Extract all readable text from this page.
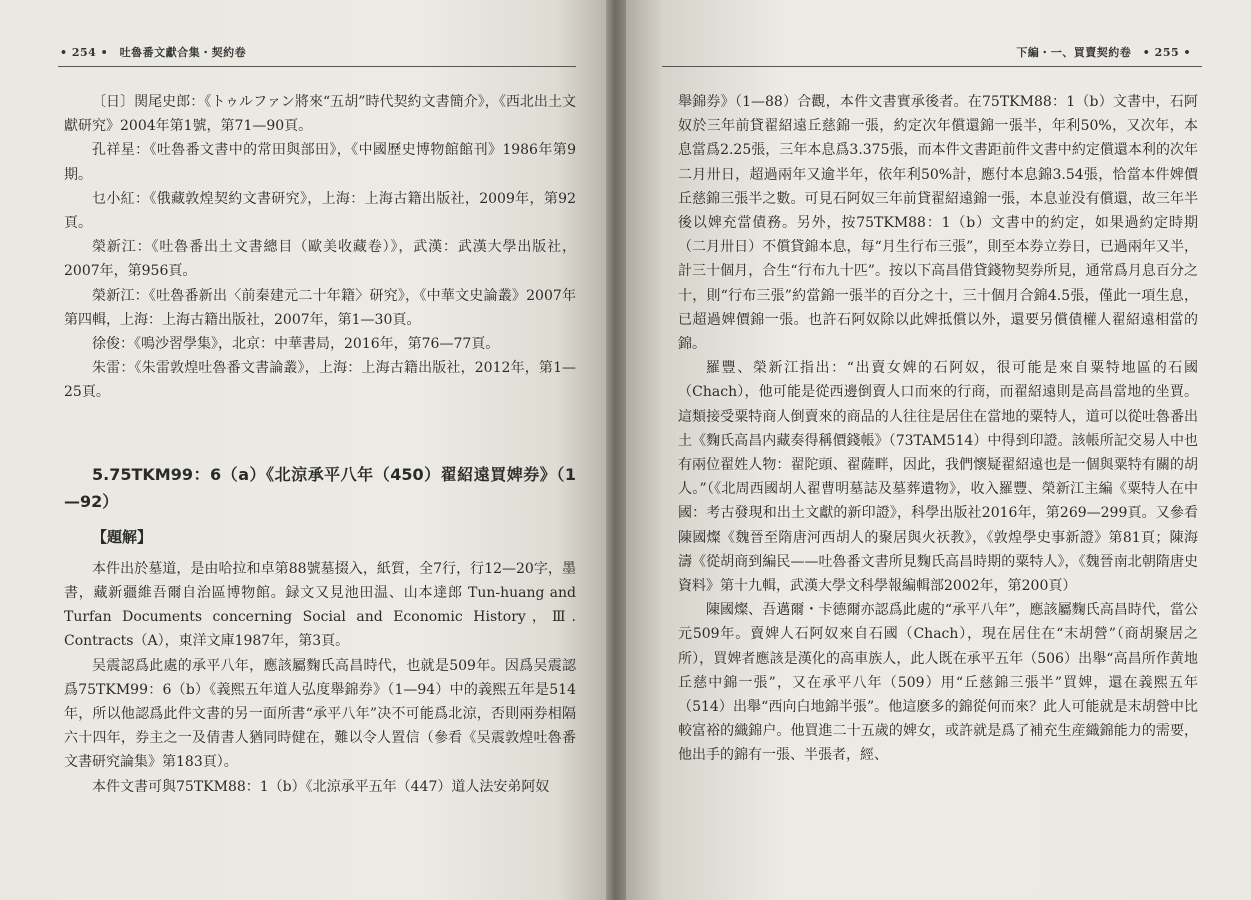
• 254 •　吐魯番文獻合集・契約卷

〔日〕関尾史郎：《トゥルファン將來“五胡”時代契約文書簡介》，《西北出土文獻研究》2004年第1號，第71—90頁。

孔祥星：《吐魯番文書中的常田與部田》，《中國歷史博物館館刊》1986年第9期。

乜小紅：《俄藏敦煌契約文書研究》，上海：上海古籍出版社，2009年，第92頁。

榮新江：《吐魯番出土文書總目（歐美收藏卷）》，武漢：武漢大學出版社，2007年，第956頁。

榮新江：《吐魯番新出〈前秦建元二十年籍〉研究》，《中華文史論叢》2007年第四輯，上海：上海古籍出版社，2007年，第1—30頁。

徐俊：《鳴沙習學集》，北京：中華書局，2016年，第76—77頁。

朱雷：《朱雷敦煌吐魯番文書論叢》，上海：上海古籍出版社，2012年，第1—25頁。

5.75TKM99：6（a）《北涼承平八年（450）翟紹遠買婢券》（1—92）

【題解】

本件出於墓道，是由哈拉和卓第88號墓掇入，紙質，全7行，行12—20字，墨書，藏新疆維吾爾自治區博物館。録文又見池田温、山本達郎 Tun-huang and Turfan Documents concerning Social and Economic History，Ⅲ. Contracts（A），東洋文庫1987年，第3頁。

吴震認爲此處的承平八年，應該屬麴氏高昌時代，也就是509年。因爲吴震認爲75TKM99：6（b）《義熙五年道人弘度舉錦券》（1—94）中的義熙五年是514年，所以他認爲此件文書的另一面所書“承平八年”决不可能爲北涼，否則兩券相隔六十四年，券主之一及倩書人猶同時健在，難以令人置信（參看《吴震敦煌吐魯番文書研究論集》第183頁）。

本件文書可與75TKM88：1（b）《北涼承平五年（447）道人法安弟阿奴

下編・一、買賣契約卷　• 255 •

舉錦券》（1—88）合觀，本件文書實承後者。在75TKM88：1（b）文書中，石阿奴於三年前貸翟紹遠丘慈錦一張，約定次年償還錦一張半，年利50%，又次年，本息當爲2.25張，三年本息爲3.375張，而本件文書距前件文書中約定償還本利的次年二月卅日，超過兩年又逾半年，依年利50%計，應付本息錦3.54張，恰當本件婢價丘慈錦三張半之數。可見石阿奴三年前貸翟紹遠錦一張，本息並没有償還，故三年半後以婢充當債務。另外，按75TKM88：1（b）文書中的約定，如果過約定時期（二月卅日）不償貸錦本息，每“月生行布三張”，則至本券立券日，已過兩年又半，計三十個月，合生“行布九十匹”。按以下高昌借貸錢物契券所見，通常爲月息百分之十，則“行布三張”約當錦一張半的百分之十，三十個月合錦4.5張，僅此一項生息，已超過婢價錦一張。也許石阿奴除以此婢抵償以外，還要另償債權人翟紹遠相當的錦。

羅豐、榮新江指出：“出賣女婢的石阿奴，很可能是來自粟特地區的石國（Chach），他可能是從西邊倒賣人口而來的行商，而翟紹遠則是高昌當地的坐賈。這類接受粟特商人倒賣來的商品的人往往是居住在當地的粟特人，道可以從吐魯番出土《麴氏高昌内藏奏得稱價錢帳》（73TAM514）中得到印證。該帳所記交易人中也有兩位翟姓人物：翟陀頭、翟薩畔，因此，我們懷疑翟紹遠也是一個與粟特有關的胡人。”（《北周西國胡人翟曹明墓誌及墓葬遺物》，收入羅豐、榮新江主編《粟特人在中國：考古發現和出土文獻的新印證》，科學出版社2016年，第269—299頁。又參看陳國燦《魏晉至隋唐河西胡人的聚居與火祆教》，《敦煌學史事新證》第81頁；陳海濤《從胡商到編民——吐魯番文書所見麴氏高昌時期的粟特人》，《魏晉南北朝隋唐史資料》第十九輯，武漢大學文科學報編輯部2002年，第200頁）

陳國燦、吾邁爾・卡德爾亦認爲此處的“承平八年”，應該屬麴氏高昌時代，當公元509年。賣婢人石阿奴來自石國（Chach），現在居住在“末胡營”（商胡聚居之所），買婢者應該是漢化的高車族人，此人既在承平五年（506）出舉“高昌所作黄地丘慈中錦一張”，又在承平八年（509）用“丘慈錦三張半”買婢，還在義熙五年（514）出舉“西向白地錦半張”。他這麽多的錦從何而來？此人可能就是末胡營中比較富裕的織錦户。他買進二十五歲的婢女，或許就是爲了補充生産織錦能力的需要，他出手的錦有一張、半張者，經、
